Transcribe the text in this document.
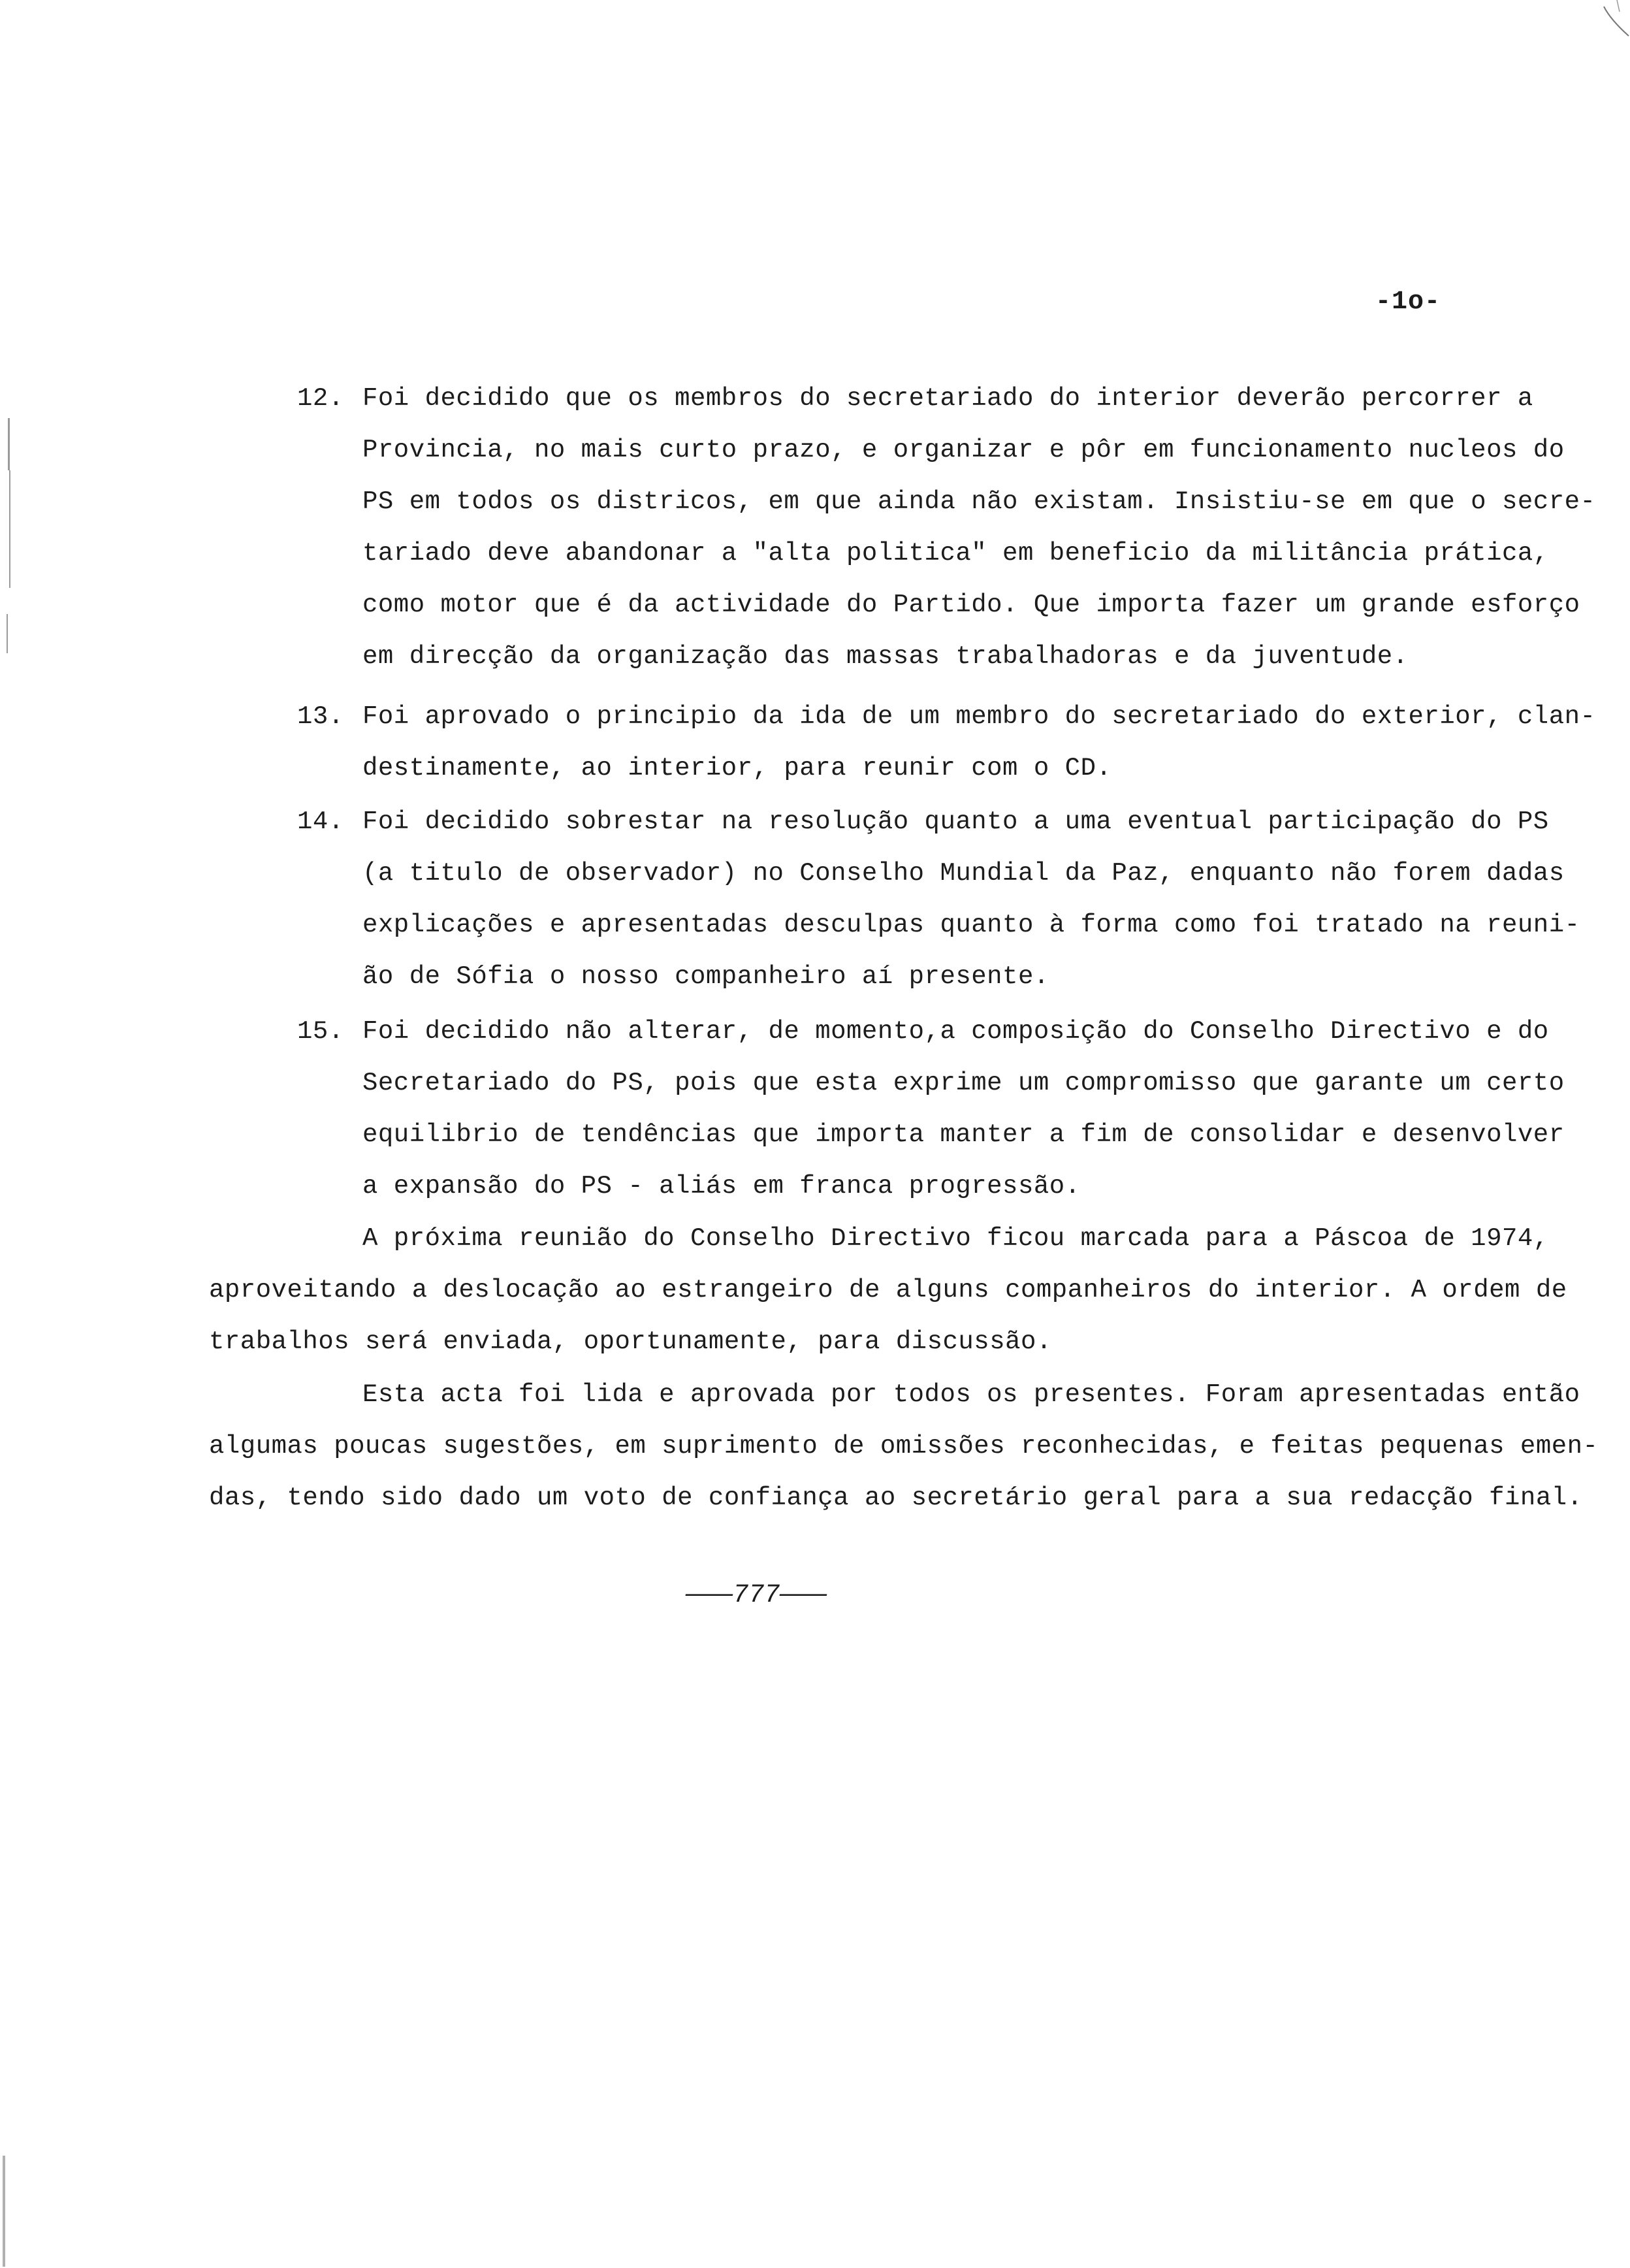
-1o-
12. Foi decidido que os membros do secretariado do interior deverão percorrer a
Provincia, no mais curto prazo, e organizar e pôr em funcionamento nucleos do
PS em todos os districos, em que ainda não existam. Insistiu-se em que o secre-
tariado deve abandonar a "alta politica" em beneficio da militância prática,
como motor que é da actividade do Partido. Que importa fazer um grande esforço
em direcção da organização das massas trabalhadoras e da juventude.
13. Foi aprovado o principio da ida de um membro do secretariado do exterior, clan-
destinamente, ao interior, para reunir com o CD.
14. Foi decidido sobrestar na resolução quanto a uma eventual participação do PS
(a titulo de observador) no Conselho Mundial da Paz, enquanto não forem dadas
explicações e apresentadas desculpas quanto à forma como foi tratado na reuni-
ão de Sófia o nosso companheiro aí presente.
15. Foi decidido não alterar, de momento,a composição do Conselho Directivo e do
Secretariado do PS, pois que esta exprime um compromisso que garante um certo
equilibrio de tendências que importa manter a fim de consolidar e desenvolver
a expansão do PS - aliás em franca progressão.
A próxima reunião do Conselho Directivo ficou marcada para a Páscoa de 1974,
aproveitando a deslocação ao estrangeiro de alguns companheiros do interior. A ordem de
trabalhos será enviada, oportunamente, para discussão.
Esta acta foi lida e aprovada por todos os presentes. Foram apresentadas então
algumas poucas sugestões, em suprimento de omissões reconhecidas, e feitas pequenas emen-
das, tendo sido dado um voto de confiança ao secretário geral para a sua redacção final.
———777———
